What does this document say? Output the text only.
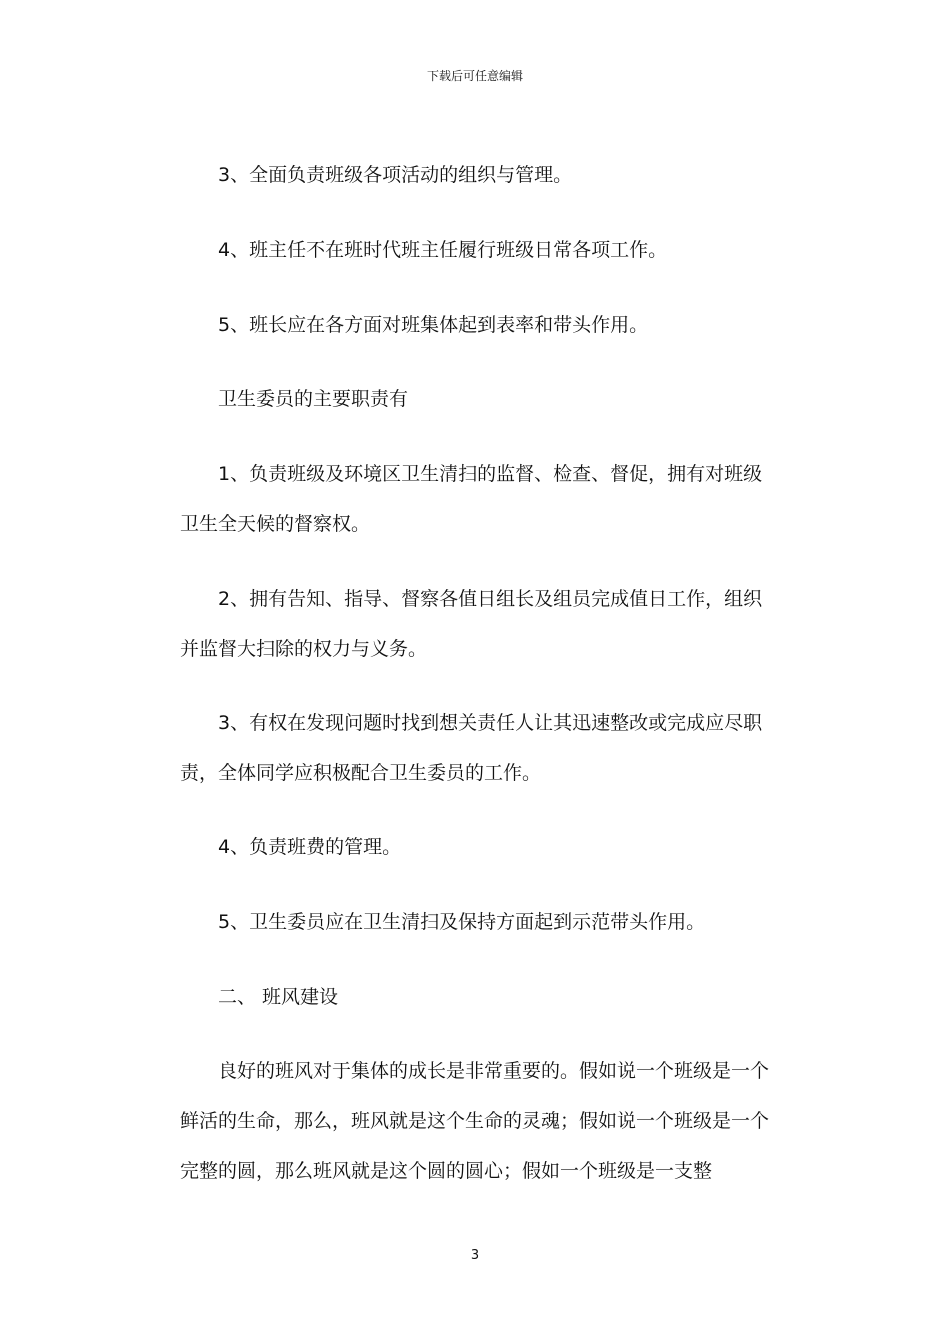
下载后可任意编辑

3、全面负责班级各项活动的组织与管理。

4、班主任不在班时代班主任履行班级日常各项工作。

5、班长应在各方面对班集体起到表率和带头作用。

卫生委员的主要职责有

1、负责班级及环境区卫生清扫的监督、检查、督促，拥有对班级卫生全天候的督察权。

2、拥有告知、指导、督察各值日组长及组员完成值日工作，组织并监督大扫除的权力与义务。

3、有权在发现问题时找到想关责任人让其迅速整改或完成应尽职责，全体同学应积极配合卫生委员的工作。

4、负责班费的管理。

5、卫生委员应在卫生清扫及保持方面起到示范带头作用。

二、 班风建设

良好的班风对于集体的成长是非常重要的。假如说一个班级是一个鲜活的生命，那么，班风就是这个生命的灵魂；假如说一个班级是一个完整的圆，那么班风就是这个圆的圆心；假如一个班级是一支整

3
